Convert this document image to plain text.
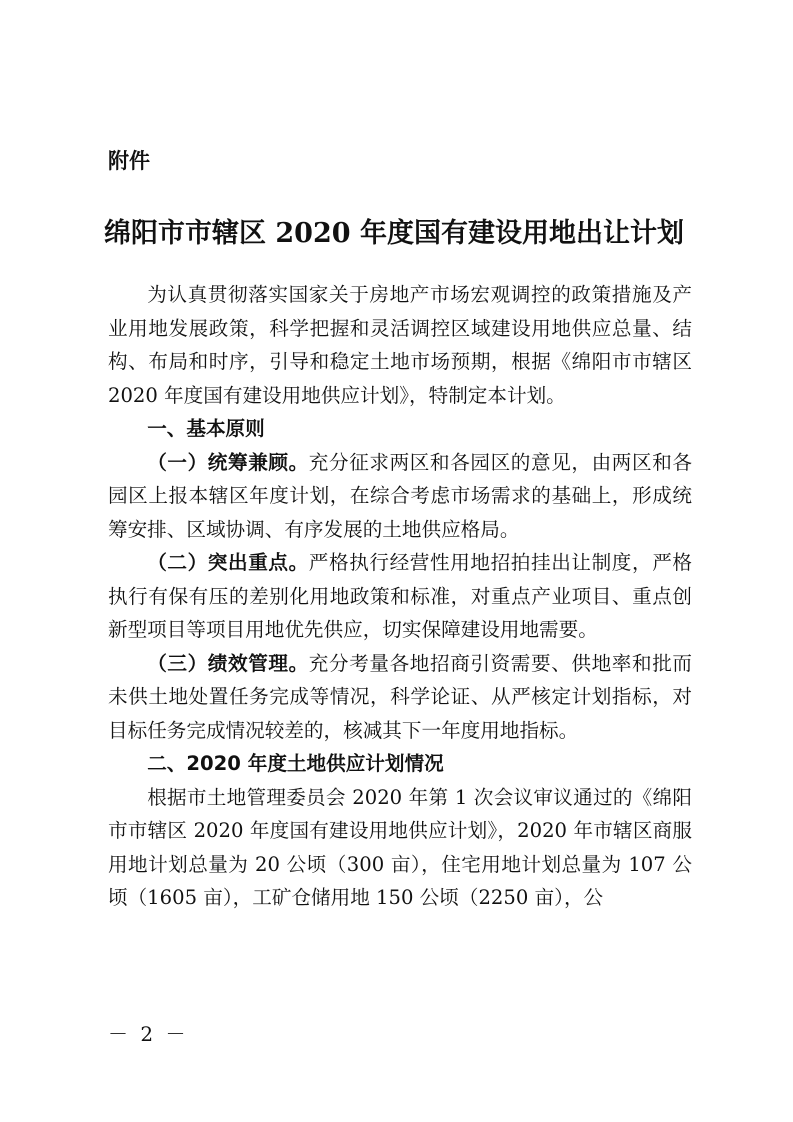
附件
绵阳市市辖区 2020 年度国有建设用地出让计划

为认真贯彻落实国家关于房地产市场宏观调控的政策措施及产业用地发展政策，科学把握和灵活调控区域建设用地供应总量、结构、布局和时序，引导和稳定土地市场预期，根据《绵阳市市辖区 2020 年度国有建设用地供应计划》，特制定本计划。

一、基本原则

（一）统筹兼顾。充分征求两区和各园区的意见，由两区和各园区上报本辖区年度计划，在综合考虑市场需求的基础上，形成统筹安排、区域协调、有序发展的土地供应格局。

（二）突出重点。严格执行经营性用地招拍挂出让制度，严格执行有保有压的差别化用地政策和标准，对重点产业项目、重点创新型项目等项目用地优先供应，切实保障建设用地需要。

（三）绩效管理。充分考量各地招商引资需要、供地率和批而未供土地处置任务完成等情况，科学论证、从严核定计划指标，对目标任务完成情况较差的，核减其下一年度用地指标。

二、2020 年度土地供应计划情况

根据市土地管理委员会 2020 年第 1 次会议审议通过的《绵阳市市辖区 2020 年度国有建设用地供应计划》，2020 年市辖区商服用地计划总量为 20 公顷（300 亩），住宅用地计划总量为 107 公顷（1605 亩），工矿仓储用地 150 公顷（2250 亩），公

－ 2 －
